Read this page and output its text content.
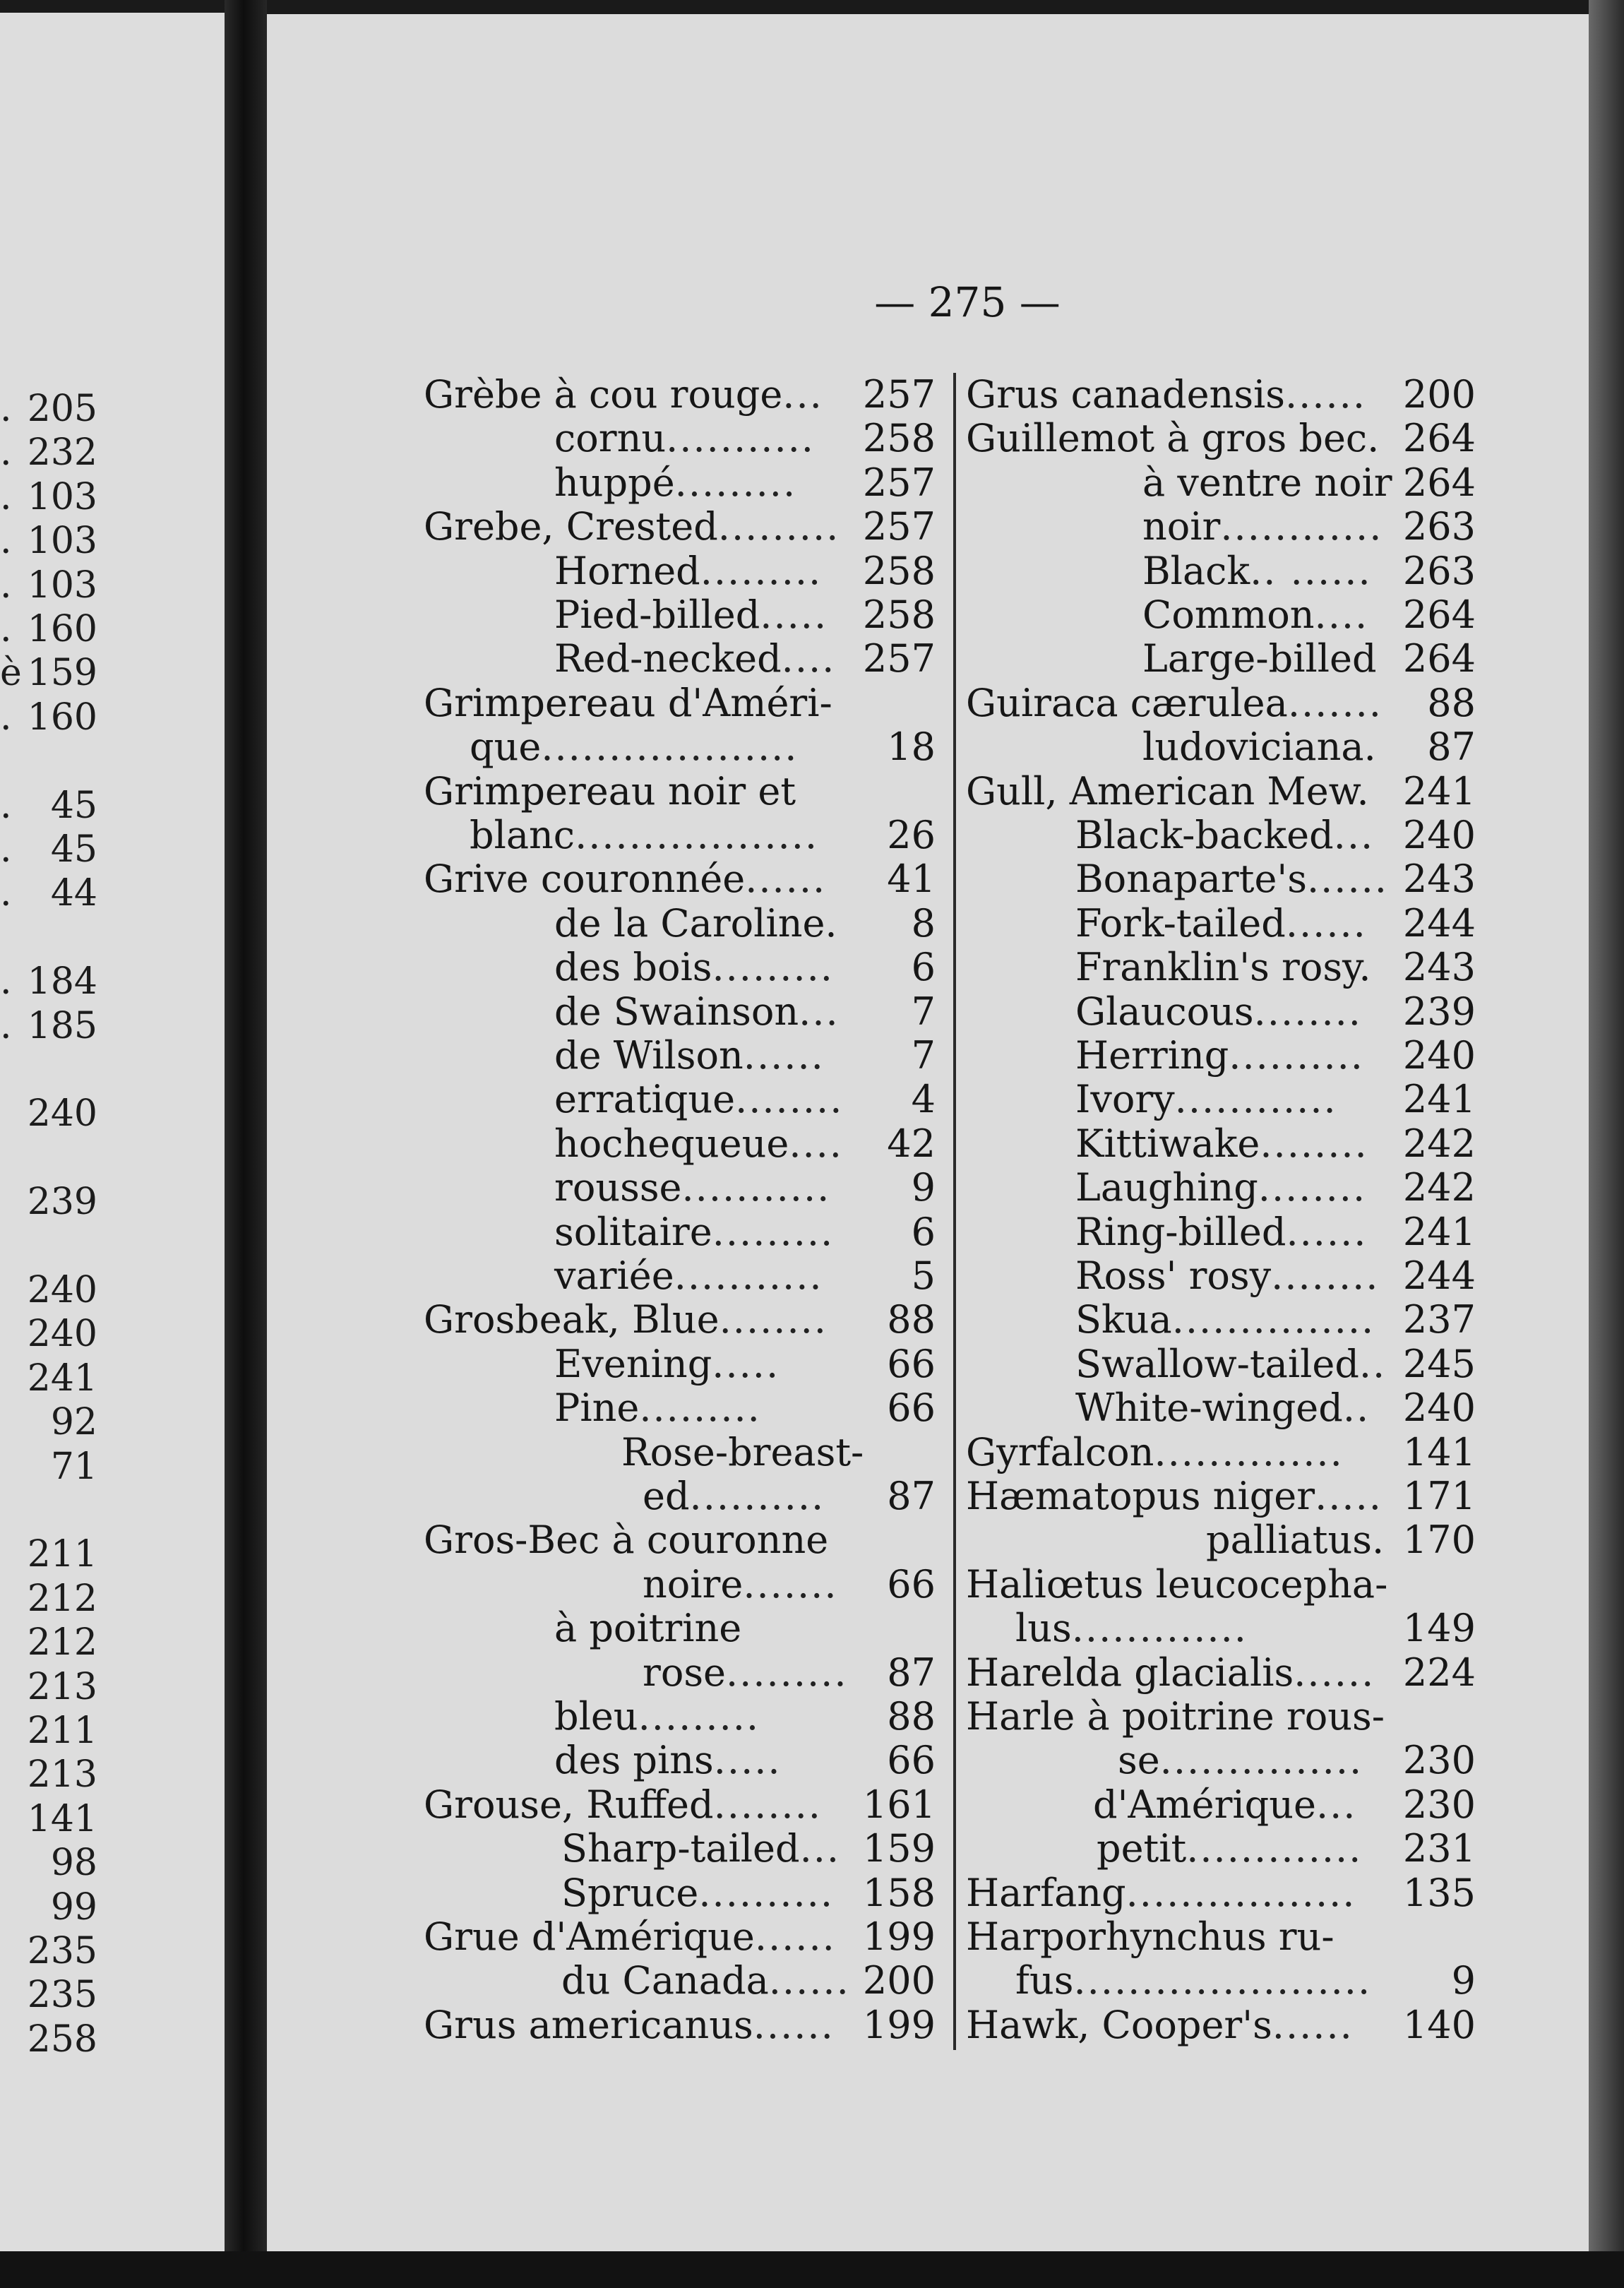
— 275 —
. 205
. 232
. 103
. 103
. 103
. 160
è 159
. 160
.	45
.	45
.	44
. 184
. 185
240
239
240
240
241
92
71
211
212
212
213
211
213
141
98
99
235
235
258
Grèbe à cou rouge ...	257
cornu ...........	258
huppé .........	257
Grebe, Crested ......... 257
Horned .........	258
Pied-billed ..... 258
Red-necked .... 257
Grimpereau d'Améri-
que ...................	18
Grimpereau noir et
blanc ..................	26
Grive couronnée ......	41
de la Caroline.	8
des bois .........	6
de Swainson ...	7
de Wilson ......	7
erratique ........	4
hochequeue ....	42
rousse ...........	9
solitaire .........	6
variée ...........	5
Grosbeak, Blue ........	88
Evening .....	66
Pine .........	66
Rose-breast-
ed ..........	87
Gros-Bec à couronne
noire .......	66
à poitrine
rose .........	87
bleu .........	88
des pins .....	66
Grouse, Ruffed ........	161
Sharp-tailed ... 159
Spruce .......... 158
Grue d'Amérique ...... 199
du Canada ...... 200
Grus americanus ...... 199
Grus canadensis ...... 200
Guillemot à gros bec. 264
à ventre noir 264
noir ............ 263
Black .. ...... 263
Common .... 264
Large-billed 264
Guiraca cærulea .......	88
ludoviciana.	87
Gull, American Mew. 241
Black-backed ... 240
Bonaparte's ...... 243
Fork-tailed ...... 244
Franklin's rosy. 243
Glaucous ........	239
Herring ..........	240
Ivory ............	241
Kittiwake ........ 242
Laughing ........ 242
Ring-billed ...... 241
Ross' rosy ........ 244
Skua ............... 237
Swallow-tailed .. 245
White-winged .. 240
Gyrfalcon ..............	141
Hæmatopus niger ..... 171
palliatus. 170
Haliœtus leucocepha-
lus .............	149
Harelda glacialis ...... 224
Harle à poitrine rous-
se ...............	230
d'Amérique ...	230
petit .............	231
Harfang .................	135
Harporhynchus ru-
fus ......................	9
Hawk, Cooper's ......	140
